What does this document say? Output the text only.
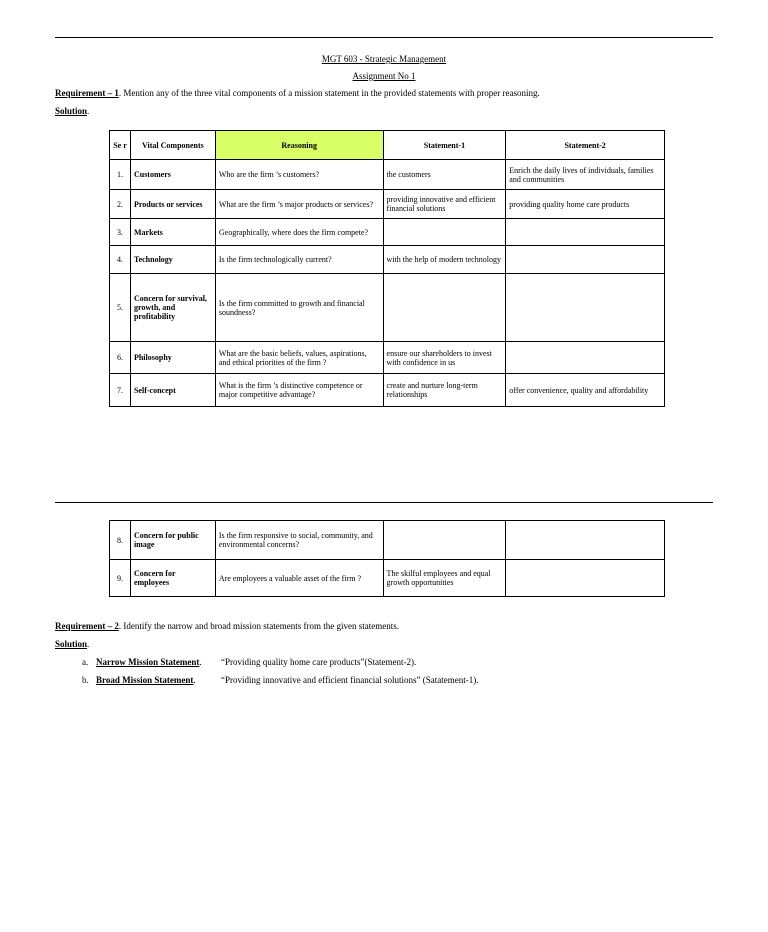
MGT 603 - Strategic Management
Assignment No 1
Requirement – 1. Mention any of the three vital components of a mission statement in the provided statements with proper reasoning.
Solution.
Se r	Vital Components	Reasoning	Statement-1	Statement-2
1.	Customers	Who are the firm ’s customers?	the customers	Enrich the daily lives of individuals, families and communities
2.	Products or services	What are the firm ’s major products or services?	providing innovative and efficient financial solutions	providing quality home care products
3.	Markets	Geographically, where does the firm compete?		
4.	Technology	Is the firm technologically current?	with the help of modern technology	
5.	Concern for survival, growth, and profitability	Is the firm committed to growth and financial soundness?		
6.	Philosophy	What are the basic beliefs, values, aspirations, and ethical priorities of the firm ?	ensure our shareholders to invest with confidence in us	
7.	Self-concept	What is the firm ’s distinctive competence or major competitive advantage?	create and nurture long-term relationships	offer convenience, quality and affordability
8.	Concern for public image	Is the firm responsive to social, community, and environmental concerns?		
9.	Concern for employees	Are employees a valuable asset of the firm ?	The skilful employees and equal growth opportunities	
Requirement – 2. Identify the narrow and broad mission statements from the given statements.
Solution.
a. Narrow Mission Statement. “Providing quality home care products”(Statement-2).
b. Broad Mission Statement.	“Providing innovative and efficient financial solutions” (Satatement-1).
